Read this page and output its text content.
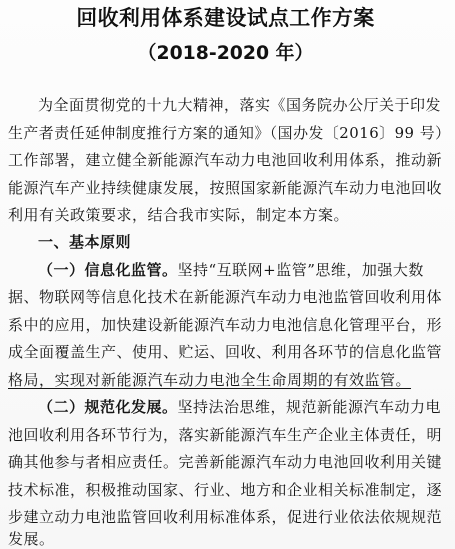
回收利用体系建设试点工作方案
（2018-2020 年）
为全面贯彻党的十九大精神，落实《国务院办公厅关于印发
生产者责任延伸制度推行方案的通知》（国办发〔2016〕99 号）
工作部署，建立健全新能源汽车动力电池回收利用体系，推动新
能源汽车产业持续健康发展，按照国家新能源汽车动力电池回收
利用有关政策要求，结合我市实际，制定本方案。
一、基本原则
（一）信息化监管。坚持“互联网+监管”思维，加强大数
据、物联网等信息化技术在新能源汽车动力电池监管回收利用体
系中的应用，加快建设新能源汽车动力电池信息化管理平台，形
成全面覆盖生产、使用、贮运、回收、利用各环节的信息化监管
格局，实现对新能源汽车动力电池全生命周期的有效监管。
（二）规范化发展。坚持法治思维，规范新能源汽车动力电
池回收利用各环节行为，落实新能源汽车生产企业主体责任，明
确其他参与者相应责任。完善新能源汽车动力电池回收利用关键
技术标准，积极推动国家、行业、地方和企业相关标准制定，逐
步建立动力电池监管回收利用标准体系，促进行业依法依规规范
发展。
